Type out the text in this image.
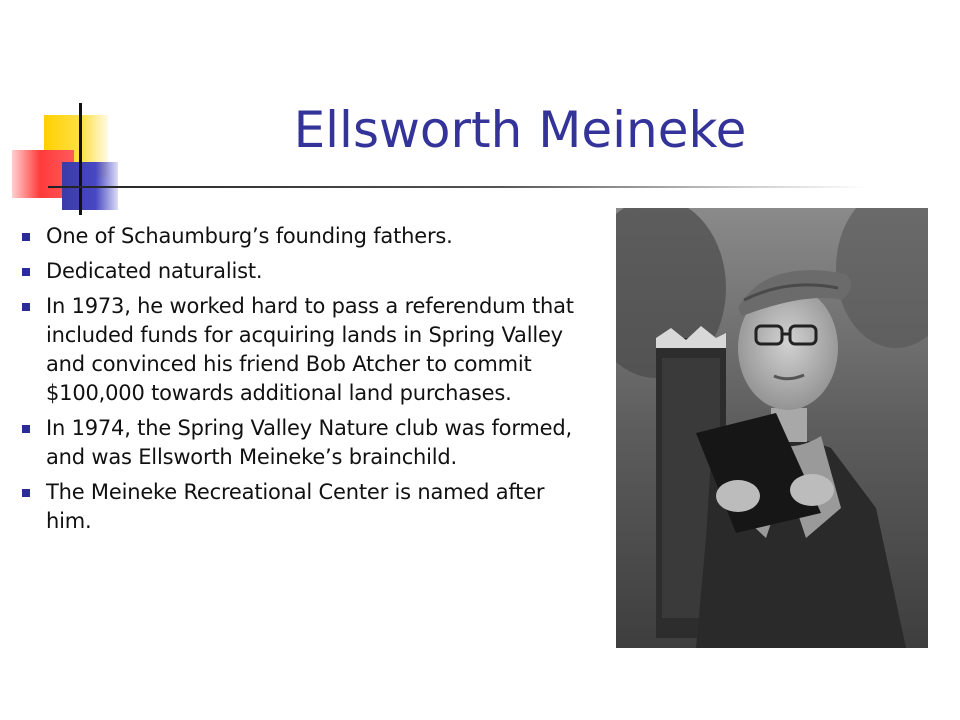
Ellsworth Meineke
One of Schaumburg’s founding fathers.
Dedicated naturalist.
In 1973, he worked hard to pass a referendum that included funds for acquiring lands in Spring Valley and convinced his friend Bob Atcher to commit $100,000 towards additional land purchases.
In 1974, the Spring Valley Nature club was formed, and was Ellsworth Meineke’s brainchild.
The Meineke Recreational Center is named after him.
